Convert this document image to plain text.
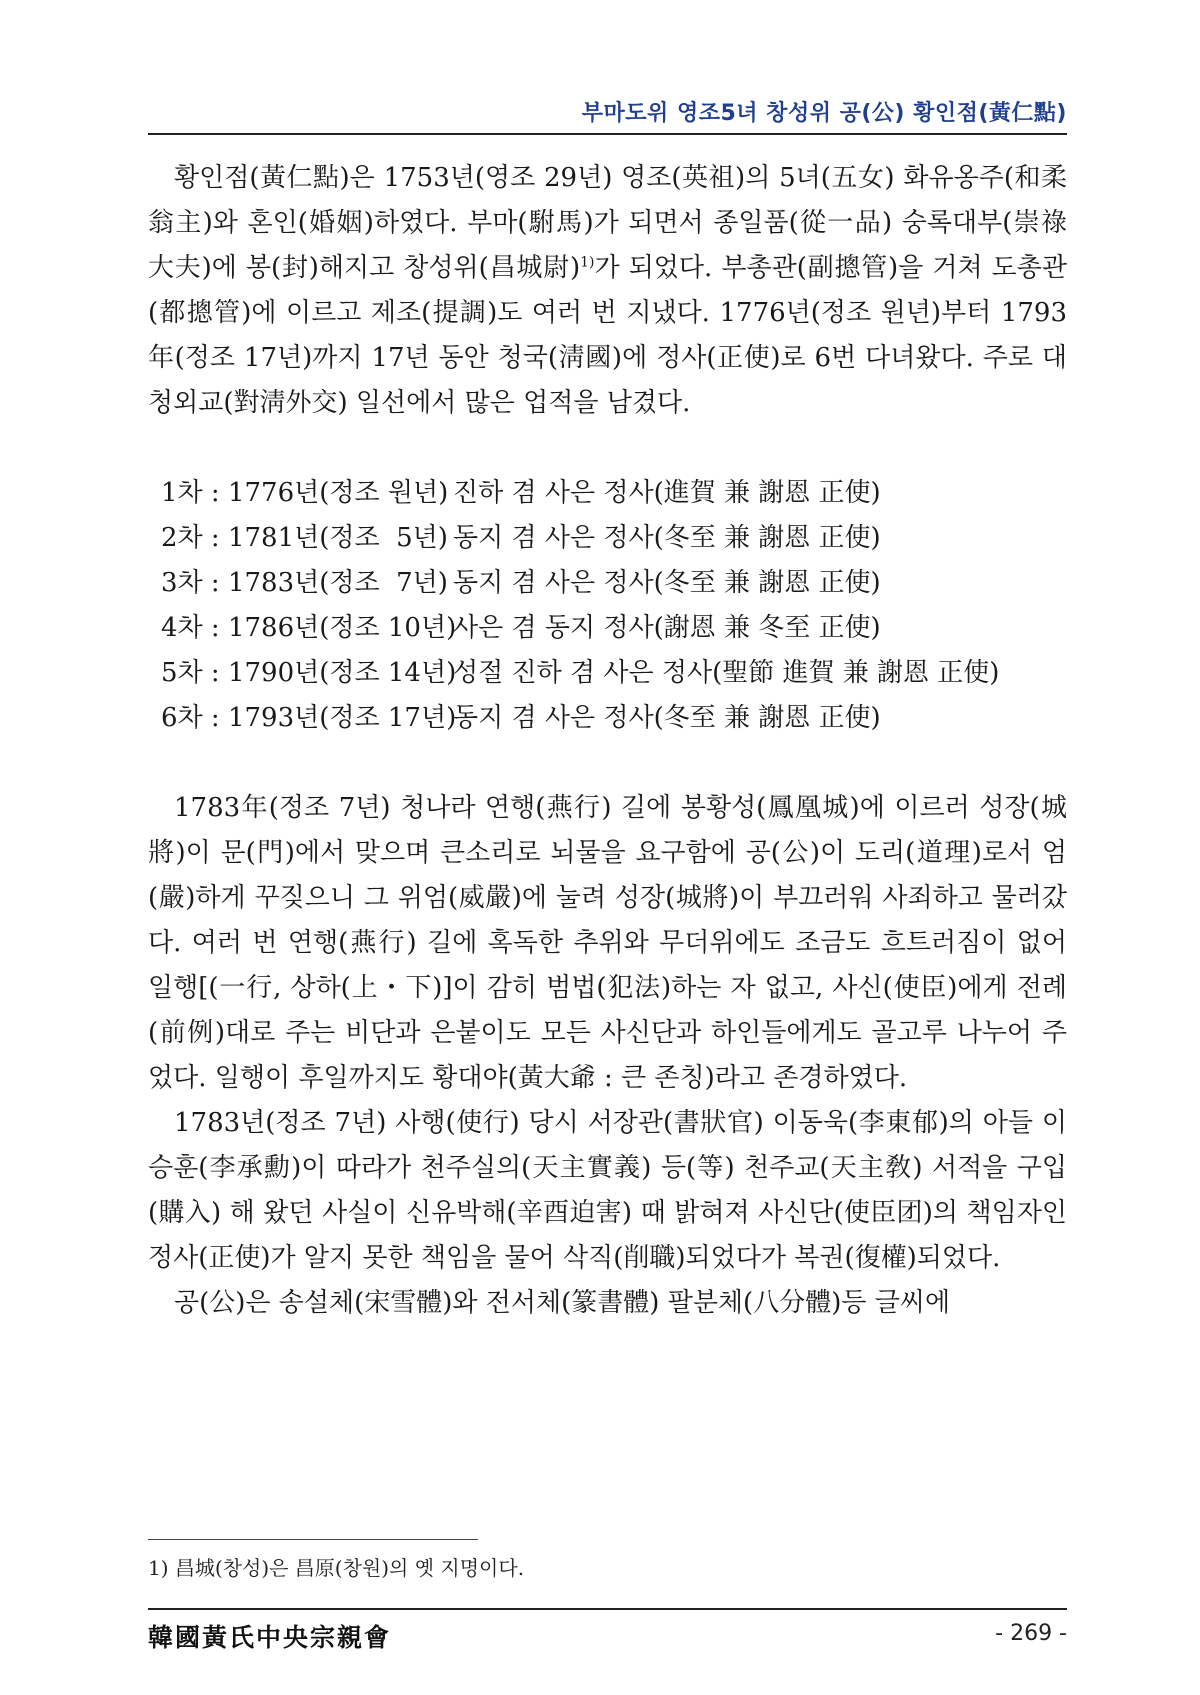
부마도위 영조5녀 창성위 공(公) 황인점(黃仁點)

황인점(黃仁點)은 1753년(영조 29년) 영조(英祖)의 5녀(五女) 화유옹주(和柔翁主)와 혼인(婚姻)하였다. 부마(駙馬)가 되면서 종일품(從一品) 숭록대부(崇祿大夫)에 봉(封)해지고 창성위(昌城尉)$^{1)}$가 되었다. 부총관(副摠管)을 거쳐 도총관(都摠管)에 이르고 제조(提調)도 여러 번 지냈다. 1776년(정조 원년)부터 1793年(정조 17년)까지 17년 동안 청국(淸國)에 정사(正使)로 6번 다녀왔다. 주로 대청외교(對淸外交) 일선에서 많은 업적을 남겼다.

1차 : 1776년(정조 원년) 진하 겸 사은 정사(進賀 兼 謝恩 正使)
2차 : 1781년(정조  5년) 동지 겸 사은 정사(冬至 兼 謝恩 正使)
3차 : 1783년(정조  7년) 동지 겸 사은 정사(冬至 兼 謝恩 正使)
4차 : 1786년(정조 10년)
사은 겸 동지 정사(謝恩 兼 冬至 正使)
5차 : 1790년(정조 14년)
성절 진하 겸 사은 정사(聖節 進賀 兼 謝恩 正使)
6차 : 1793년(정조 17년)
동지 겸 사은 정사(冬至 兼 謝恩 正使)

1783年(정조 7년) 청나라 연행(燕行) 길에 봉황성(鳳凰城)에 이르러 성장(城將)이 문(門)에서 맞으며 큰소리로 뇌물을 요구함에 공(公)이 도리(道理)로서 엄(嚴)하게 꾸짖으니 그 위엄(威嚴)에 눌려 성장(城將)이 부끄러워 사죄하고 물러갔다. 여러 번 연행(燕行) 길에 혹독한 추위와 무더위에도 조금도 흐트러짐이 없어 일행[(一行, 상하(上・下)]이 감히 범법(犯法)하는 자 없고, 사신(使臣)에게 전례(前例)대로 주는 비단과 은붙이도 모든 사신단과 하인들에게도 골고루 나누어 주었다. 일행이 후일까지도 황대야(黃大爺 : 큰 존칭)라고 존경하였다.

1783년(정조 7년) 사행(使行) 당시 서장관(書狀官) 이동욱(李東郁)의 아들 이승훈(李承勳)이 따라가 천주실의(天主實義) 등(等) 천주교(天主敎) 서적을 구입(購入) 해 왔던 사실이 신유박해(辛酉迫害) 때 밝혀져 사신단(使臣团)의 책임자인 정사(正使)가 알지 못한 책임을 물어 삭직(削職)되었다가 복권(復權)되었다.

공(公)은 송설체(宋雪體)와 전서체(篆書體) 팔분체(八分體)등 글씨에

1) 昌城(창성)은 昌原(창원)의 옛 지명이다.
韓國黃氏中央宗親會	- 269 -
